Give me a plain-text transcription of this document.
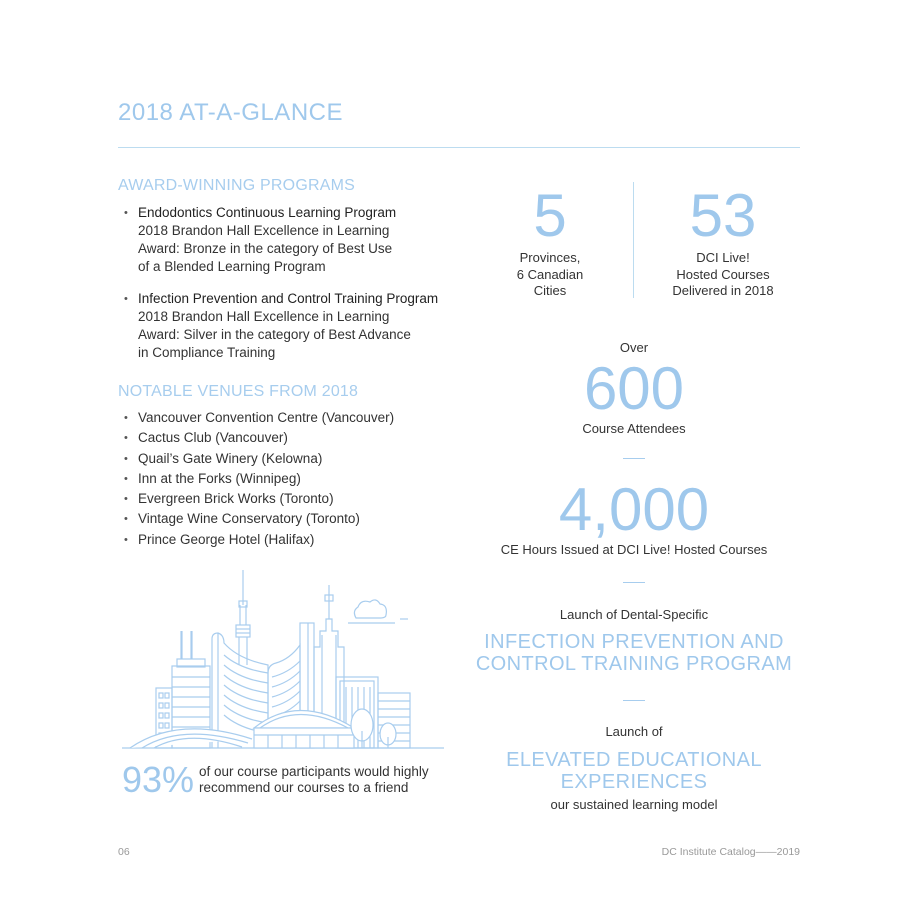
2018 AT-A-GLANCE
AWARD-WINNING PROGRAMS
• Endodontics Continuous Learning Program
2018 Brandon Hall Excellence in Learning
Award: Bronze in the category of Best Use
of a Blended Learning Program
• Infection Prevention and Control Training Program
2018 Brandon Hall Excellence in Learning
Award: Silver in the category of Best Advance
in Compliance Training
NOTABLE VENUES FROM 2018
• Vancouver Convention Centre (Vancouver)
• Cactus Club (Vancouver)
• Quail’s Gate Winery (Kelowna)
• Inn at the Forks (Winnipeg)
• Evergreen Brick Works (Toronto)
• Vintage Wine Conservatory (Toronto)
• Prince George Hotel (Halifax)
93% of our course participants would highly
recommend our courses to a friend
5
Provinces,
6 Canadian
Cities
53
DCI Live!
Hosted Courses
Delivered in 2018
Over
600
Course Attendees
4,000
CE Hours Issued at DCI Live! Hosted Courses
Launch of Dental-Specific
INFECTION PREVENTION AND
CONTROL TRAINING PROGRAM
Launch of
ELEVATED EDUCATIONAL
EXPERIENCES
our sustained learning model
06	DC Institute Catalog——2019
